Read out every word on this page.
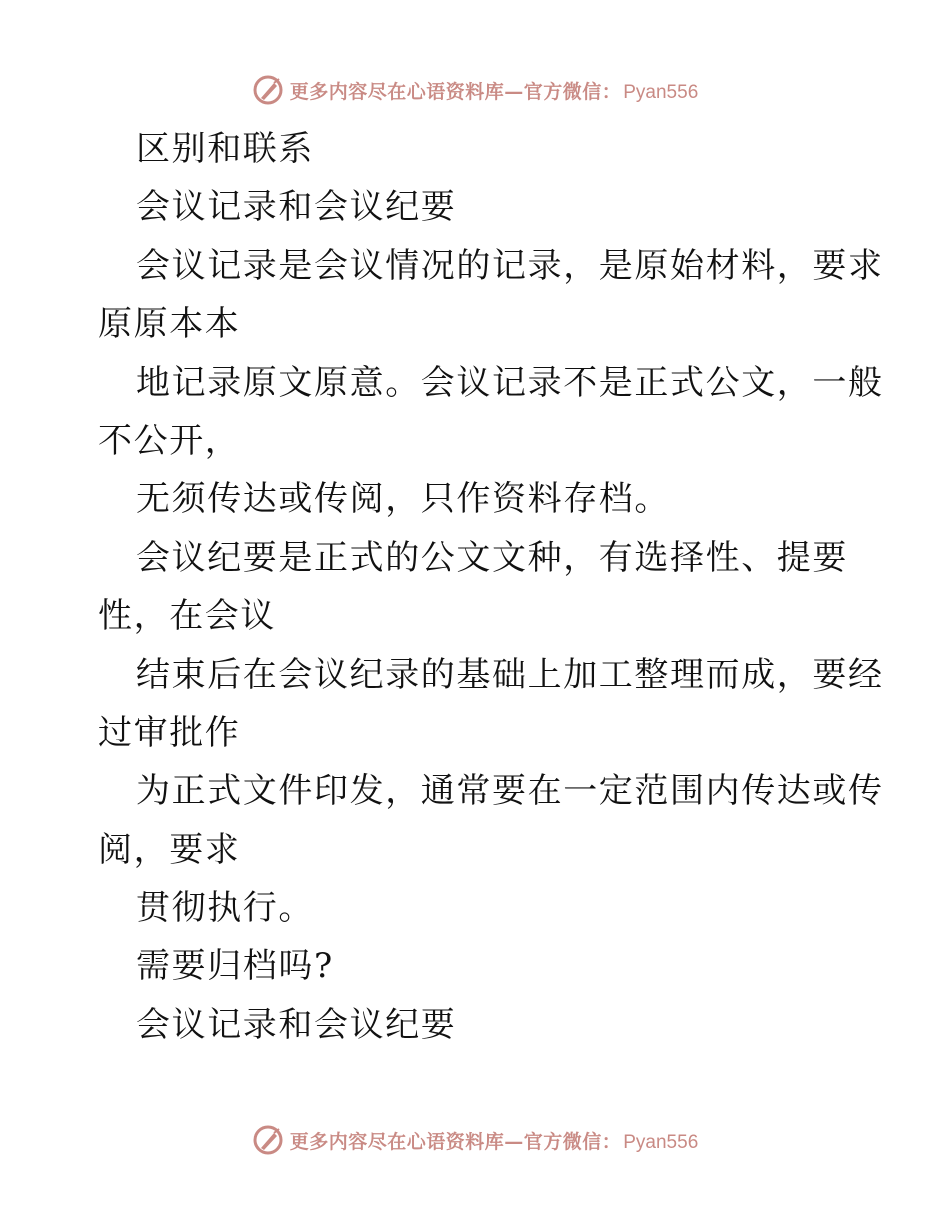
更多内容尽在心语资料库—官方微信： Pyan556
区别和联系
会议记录和会议纪要
会议记录是会议情况的记录，是原始材料，要求
原原本本
地记录原文原意。会议记录不是正式公文，一般
不公开，
无须传达或传阅，只作资料存档。
会议纪要是正式的公文文种，有选择性、提要
性，在会议
结束后在会议纪录的基础上加工整理而成，要经
过审批作
为正式文件印发，通常要在一定范围内传达或传
阅，要求
贯彻执行。
需要归档吗?
会议记录和会议纪要
更多内容尽在心语资料库—官方微信： Pyan556
